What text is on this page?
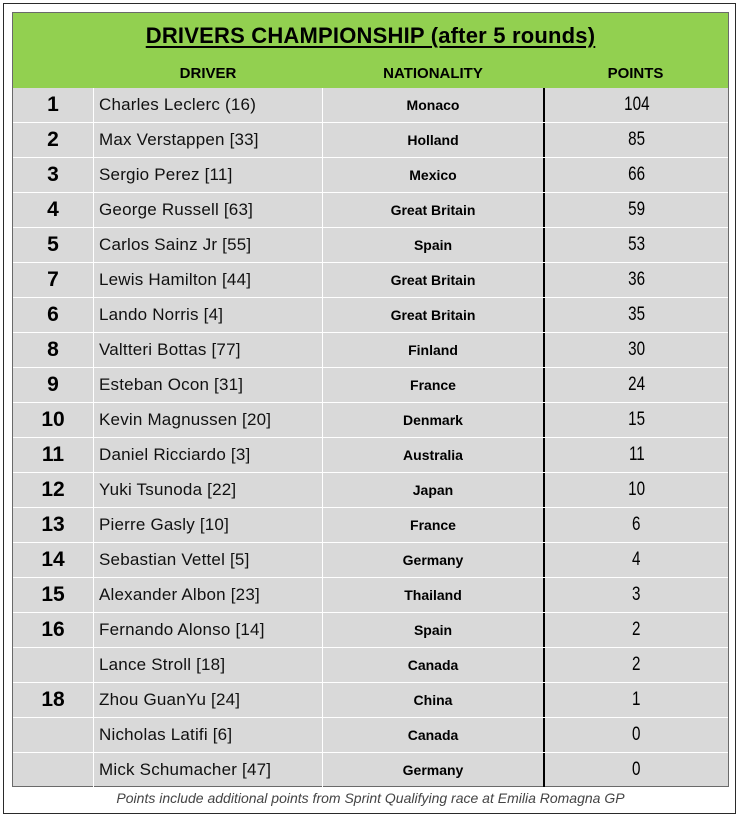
DRIVERS CHAMPIONSHIP (after 5 rounds)
DRIVER	NATIONALITY	POINTS
1 Charles Leclerc (16)	Monaco	104
2 Max Verstappen [33]	Holland	85
3 Sergio Perez [11]	Mexico	66
4 George Russell [63]	Great Britain	59
5 Carlos Sainz Jr [55]	Spain	53
7 Lewis Hamilton [44]	Great Britain	36
6 Lando Norris [4]	Great Britain	35
8 Valtteri Bottas [77]	Finland	30
9 Esteban Ocon [31]	France	24
10 Kevin Magnussen [20]	Denmark	15
11 Daniel Ricciardo [3]	Australia	11
12 Yuki Tsunoda [22]	Japan	10
13 Pierre Gasly [10]	France	6
14 Sebastian Vettel [5]	Germany	4
15 Alexander Albon [23]	Thailand	3
16 Fernando Alonso [14]	Spain	2
Lance Stroll [18]	Canada	2
18 Zhou GuanYu [24]	China	1
Nicholas Latifi [6]	Canada	0
Mick Schumacher [47]	Germany	0
Points include additional points from Sprint Qualifying race at Emilia Romagna GP
